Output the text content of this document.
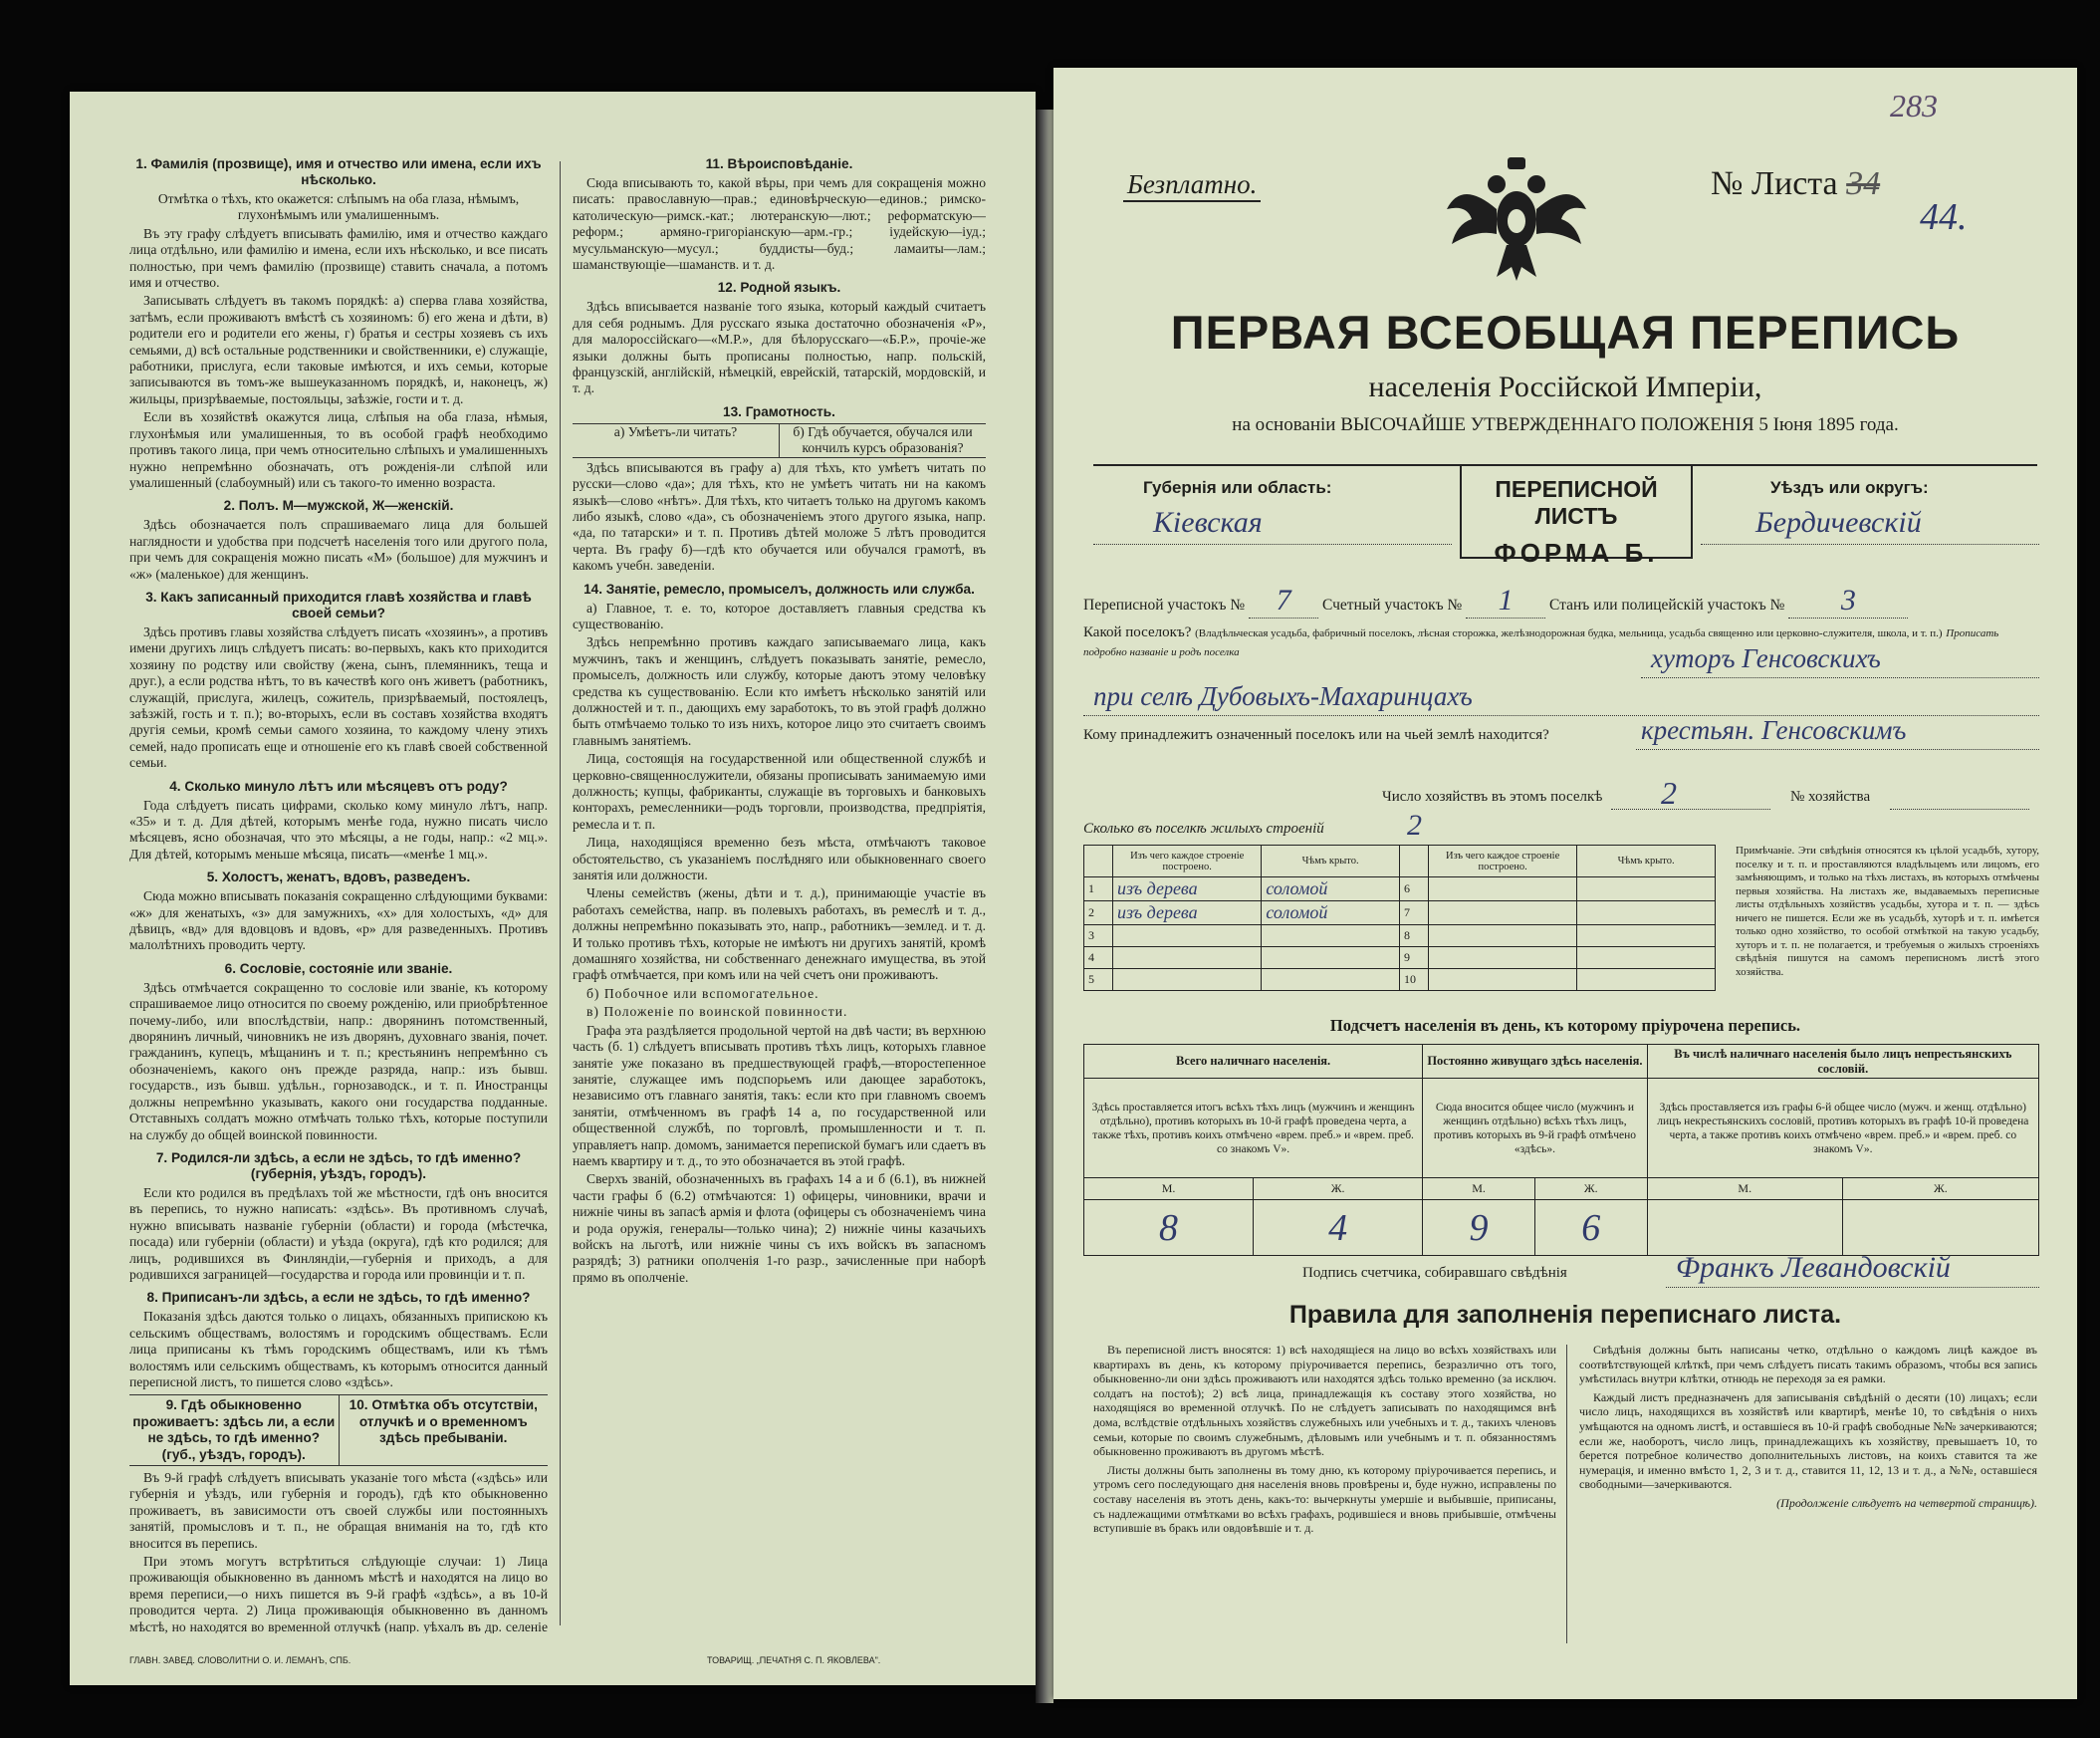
1. Фамилія (прозвище), имя и отчество или имена, если ихъ нѣсколько.

Отмѣтка о тѣхъ, кто окажется: слѣпымъ на оба глаза, нѣмымъ, глухонѣмымъ или умалишеннымъ.

Въ эту графу слѣдуетъ вписывать фамилію, имя и отчество каждаго лица отдѣльно, или фамилію и имена, если ихъ нѣсколько, и все писать полностью, при чемъ фамилію (прозвище) ставить сначала, а потомъ имя и отчество.

Записывать слѣдуетъ въ такомъ порядкѣ: а) сперва глава хозяйства, затѣмъ, если проживаютъ вмѣстѣ съ хозяиномъ: б) его жена и дѣти, в) родители его и родители его жены, г) братья и сестры хозяевъ съ ихъ семьями, д) всѣ остальные родственники и свойственники, е) служащіе, работники, прислуга, если таковые имѣются, и ихъ семьи, которые записываются въ томъ-же вышеуказанномъ порядкѣ, и, наконецъ, ж) жильцы, призрѣваемые, постояльцы, заѣзжіе, гости и т. д.

Если въ хозяйствѣ окажутся лица, слѣпыя на оба глаза, нѣмыя, глухонѣмыя или умалишенныя, то въ особой графѣ необходимо противъ такого лица, при чемъ относительно слѣпыхъ и умалишенныхъ нужно непремѣнно обозначать, отъ рожденія-ли слѣпой или умалишенный (слабоумный) или съ такого-то именно возраста.

2. Полъ. М—мужской, Ж—женскій.

Здѣсь обозначается полъ спрашиваемаго лица для большей наглядности и удобства при подсчетѣ населенія того или другого пола, при чемъ для сокращенія можно писать «М» (большое) для мужчинъ и «ж» (маленькое) для женщинъ.

3. Какъ записанный приходится главѣ хозяйства и главѣ своей семьи?

Здѣсь противъ главы хозяйства слѣдуетъ писать «хозяинъ», а противъ имени другихъ лицъ слѣдуетъ писать: во-первыхъ, какъ кто приходится хозяину по родству или свойству (жена, сынъ, племянникъ, теща и друг.), а если родства нѣтъ, то въ качествѣ кого онъ живетъ (работникъ, служащій, прислуга, жилецъ, сожитель, призрѣваемый, постоялецъ, заѣзжій, гость и т. п.); во-вторыхъ, если въ составъ хозяйства входятъ другія семьи, кромѣ семьи самого хозяина, то каждому члену этихъ семей, надо прописать еще и отношеніе его къ главѣ своей собственной семьи.

4. Сколько минуло лѣтъ или мѣсяцевъ отъ роду?

Года слѣдуетъ писать цифрами, сколько кому минуло лѣтъ, напр. «35» и т. д. Для дѣтей, которымъ менѣе года, нужно писать число мѣсяцевъ, ясно обозначая, что это мѣсяцы, а не годы, напр.: «2 мц.». Для дѣтей, которымъ меньше мѣсяца, писать—«менѣе 1 мц.».

5. Холостъ, женатъ, вдовъ, разведенъ.

Сюда можно вписывать показанія сокращенно слѣдующими буквами: «ж» для женатыхъ, «з» для замужнихъ, «х» для холостыхъ, «д» для дѣвицъ, «вд» для вдовцовъ и вдовъ, «р» для разведенныхъ. Противъ малолѣтнихъ проводить черту.

6. Сословіе, состояніе или званіе.

Здѣсь отмѣчается сокращенно то сословіе или званіе, къ которому спрашиваемое лицо относится по своему рожденію, или приобрѣтенное почему-либо, или впослѣдствіи, напр.: дворянинъ потомственный, дворянинъ личный, чиновникъ не изъ дворянъ, духовнаго званія, почет. гражданинъ, купецъ, мѣщанинъ и т. п.; крестьянинъ непремѣнно съ обозначеніемъ, какого онъ прежде разряда, напр.: изъ бывш. государств., изъ бывш. удѣльн., горнозаводск., и т. п. Иностранцы должны непремѣнно указывать, какого они государства подданные. Отставныхъ солдатъ можно отмѣчать только тѣхъ, которые поступили на службу до общей воинской повинности.

7. Родился-ли здѣсь, а если не здѣсь, то гдѣ именно? (губернія, уѣздъ, городъ).

Если кто родился въ предѣлахъ той же мѣстности, гдѣ онъ вносится въ перепись, то нужно написать: «здѣсь». Въ противномъ случаѣ, нужно вписывать названіе губерніи (области) и города (мѣстечка, посада) или губерніи (области) и уѣзда (округа), гдѣ кто родился; для лицъ, родившихся въ Финляндіи,—губернія и приходъ, а для родившихся заграницей—государства и города или провинціи и т. п.

8. Приписанъ-ли здѣсь, а если не здѣсь, то гдѣ именно?

Показанія здѣсь даются только о лицахъ, обязанныхъ припискою къ сельскимъ обществамъ, волостямъ и городскимъ обществамъ. Если лица приписаны къ тѣмъ городскимъ обществамъ, или къ тѣмъ волостямъ или сельскимъ обществамъ, къ которымъ относится данный переписной листъ, то пишется слово «здѣсь».

9. Гдѣ обыкновенно проживаетъ: здѣсь ли, а если не здѣсь, то гдѣ именно? (губ., уѣздъ, городъ).
10. Отмѣтка объ отсутствіи, отлучкѣ и о временномъ здѣсь пребываніи.

Въ 9-й графѣ слѣдуетъ вписывать указаніе того мѣста («здѣсь» или губернія и уѣздъ, или губернія и городъ), гдѣ кто обыкновенно проживаетъ, въ зависимости отъ своей службы или постоянныхъ занятій, промысловъ и т. п., не обращая вниманія на то, гдѣ кто вносится въ перепись.

При этомъ могутъ встрѣтиться слѣдующіе случаи: 1) Лица проживающія обыкновенно въ данномъ мѣстѣ и находятся на лицо во время переписи,—о нихъ пишется въ 9-й графѣ «здѣсь», а въ 10-й проводится черта. 2) Лица проживающія обыкновенно въ данномъ мѣстѣ, но находятся во временной отлучкѣ (напр. уѣхалъ въ др. селеніе

11. Вѣроисповѣданіе.

Сюда вписывають то, какой вѣры, при чемъ для сокращенія можно писать: православную—прав.; единовѣрческую—единов.; римско-католическую—римск.-кат.; лютеранскую—лют.; реформатскую—реформ.; армяно-григоріанскую—арм.-гр.; іудейскую—іуд.; мусульманскую—мусул.; буддисты—буд.; ламаиты—лам.; шаманствующіе—шаманств. и т. д.

12. Родной языкъ.

Здѣсь вписывается названіе того языка, который каждый считаетъ для себя роднымъ. Для русскаго языка достаточно обозначенія «Р», для малороссійскаго—«М.Р.», для бѣлорусскаго—«Б.Р.», прочіе-же языки должны быть прописаны полностью, напр. польскій, французскій, англійскій, нѣмецкій, еврейскій, татарскій, мордовскій, и т. д.

13. Грамотность.
а) Умѣетъ-ли читать?	б) Гдѣ обучается, обучался или кончилъ курсъ образованія?

Здѣсь вписываются въ графу а) для тѣхъ, кто умѣетъ читать по русски—слово «да»; для тѣхъ, кто не умѣетъ читать ни на какомъ языкѣ—слово «нѣтъ». Для тѣхъ, кто читаетъ только на другомъ какомъ либо языкѣ, слово «да», съ обозначеніемъ этого другого языка, напр. «да, по татарски» и т. п. Противъ дѣтей моложе 5 лѣтъ проводится черта. Въ графу б)—гдѣ кто обучается или обучался грамотѣ, въ какомъ учебн. заведеніи.

14. Занятіе, ремесло, промыселъ, должность или служба.

а) Главное, т. е. то, которое доставляетъ главныя средства къ существованію.

Здѣсь непремѣнно противъ каждаго записываемаго лица, какъ мужчинъ, такъ и женщинъ, слѣдуетъ показывать занятіе, ремесло, промыселъ, должность или службу, которые даютъ этому человѣку средства къ существованію. Если кто имѣетъ нѣсколько занятій или должностей и т. п., дающихъ ему заработокъ, то въ этой графѣ должно быть отмѣчаемо только то изъ нихъ, которое лицо это считаетъ своимъ главнымъ занятіемъ.

Лица, состоящія на государственной или общественной службѣ и церковно-священнослужители, обязаны прописывать занимаемую ими должность; купцы, фабриканты, служащіе въ торговыхъ и банковыхъ конторахъ, ремесленники—родъ торговли, производства, предпріятія, ремесла и т. п.

Лица, находящіяся временно безъ мѣста, отмѣчаютъ таковое обстоятельство, съ указаніемъ послѣдняго или обыкновеннаго своего занятія или должности.

Члены семействъ (жены, дѣти и т. д.), принимающіе участіе въ работахъ семейства, напр. въ полевыхъ работахъ, въ ремеслѣ и т. д., должны непремѣнно показывать это, напр., работникъ—землед. и т. д. И только противъ тѣхъ, которые не имѣютъ ни другихъ занятій, кромѣ домашняго хозяйства, ни собственнаго денежнаго имущества, въ этой графѣ отмѣчается, при комъ или на чей счетъ они проживаютъ.

б) Побочное или вспомогательное.

в) Положеніе по воинской повинности.

Графа эта раздѣляется продольной чертой на двѣ части; въ верхнюю часть (б. 1) слѣдуетъ вписывать противъ тѣхъ лицъ, которыхъ главное занятіе уже показано въ предшествующей графѣ,—второстепенное занятіе, служащее имъ подспорьемъ или дающее заработокъ, независимо отъ главнаго занятія, такъ: если кто при главномъ своемъ занятіи, отмѣченномъ въ графѣ 14 а, по государственной или общественной службѣ, по торговлѣ, промышленности и т. п. управляетъ напр. домомъ, занимается перепиской бумагъ или сдаетъ въ наемъ квартиру и т. д., то это обозначается въ этой графѣ.

Сверхъ званій, обозначенныхъ въ графахъ 14 а и б (6.1), въ нижней части графы б (6.2) отмѣчаются: 1) офицеры, чиновники, врачи и нижніе чины въ запасѣ армія и флота (офицеры съ обозначеніемъ чина и рода оружія, генералы—только чина); 2) нижніе чины казачьихъ войскъ на льготѣ, или нижніе чины съ ихъ войскъ въ запасномъ разрядѣ; 3) ратники ополченія 1-го разр., зачисленные при наборѣ прямо въ ополченіе.

ГЛАВН. ЗАВЕД. СЛОВОЛИТНИ О. И. ЛЕМАНЪ, СПБ.	ТОВАРИЩ. „ПЕЧАТНЯ С. П. ЯКОВЛЕВА".
283
Безплатно.	№ Листа 34
44.
ПЕРВАЯ ВСЕОБЩАЯ ПЕРЕПИСЬ
населенія Россійской Имперіи,
на основаніи ВЫСОЧАЙШЕ УТВЕРЖДЕННАГО ПОЛОЖЕНІЯ 5 Іюня 1895 года.
ПЕРЕПИСНОЙ ЛИСТЪ
ФОРМА Б.
Губернія или область:
Кіевская
Уѣздъ или округъ:
Бердичевскій
Переписной участокъ № 7 Счетный участокъ № 1 Станъ или полицейскій участокъ № 3
Какой поселокъ? (Владѣльческая усадьба, фабричный поселокъ, лѣсная сторожка, желѣзнодорожная будка, мельница, усадьба священно или церковно-служителя, школа, и т. п.) Прописать подробно названіе и родъ поселка	хуторъ Генсовскихъ
при селѣ Дубовыхъ-Махаринцахъ
Кому принадлежитъ означенный поселокъ или на чьей землѣ находится?	крестьян. Генсовскимъ
Число хозяйствъ въ этомъ поселкѣ 2	№ хозяйства
Сколько въ поселкѣ жилыхъ строеній	2
	Изъ чего каждое строеніе построено.	Чѣмъ крыто.		Изъ чего каждое строеніе построено.	Чѣмъ крыто.
1	изъ дерева	соломой	6		
2	изъ дерева	соломой	7		
3			8		
4			9		
5			10		
Примѣчаніе. Эти свѣдѣнія относятся къ цѣлой усадьбѣ, хутору, поселку и т. п. и проставляются владѣльцемъ или лицомъ, его замѣняющимъ, и только на тѣхъ листахъ, въ которыхъ отмѣчены первыя хозяйства. На листахъ же, выдаваемыхъ переписные листы отдѣльныхъ хозяйствъ усадьбы, хутора и т. п. — здѣсь ничего не пишется. Если же въ усадьбѣ, хуторѣ и т. п. имѣется только одно хозяйство, то особой отмѣткой на такую усадьбу, хуторъ и т. п. не полагается, и требуемыя о жилыхъ строеніяхъ свѣдѣнія пишутся на самомъ переписномъ листѣ этого хозяйства.
Подсчетъ населенія въ день, къ которому пріурочена перепись.
Всего наличнаго населенія.		Постоянно живущаго здѣсь населенія.		Въ числѣ наличнаго населенія было лицъ непрестьянскихъ сословій.	
Здѣсь проставляется итогъ всѣхъ тѣхъ лицъ (мужчинъ и женщинъ отдѣльно), противъ которыхъ въ 10-й графѣ проведена черта, а также тѣхъ, противъ коихъ отмѣчено «врем. преб.» и «врем. преб. со знакомъ V».		Сюда вносится общее число (мужчинъ и женщинъ отдѣльно) всѣхъ тѣхъ лицъ, противъ которыхъ въ 9-й графѣ отмѣчено «здѣсь».		Здѣсь проставляется изъ графы 6-й общее число (мужч. и женщ. отдѣльно) лицъ некрестьянскихъ сословій, противъ которыхъ въ графѣ 10-й проведена черта, а также противъ коихъ отмѣчено «врем. преб.» и «врем. преб. со знакомъ V».	
М.	Ж.	М.	Ж.	М.	Ж.
8	4	9	6		
Подпись счетчика, собиравшаго свѣдѣнія	Франкъ Левандовскій
Правила для заполненія переписнаго листа.

Въ переписной листъ вносятся: 1) всѣ находящіеся на лицо во всѣхъ хозяйствахъ или квартирахъ въ день, къ которому пріурочивается перепись, безразлично отъ того, обыкновенно-ли они здѣсь проживаютъ или находятся здѣсь только временно (за исключ. солдатъ на постоѣ); 2) всѣ лица, принадлежащія къ составу этого хозяйства, но находящіяся во временной отлучкѣ. По не слѣдуетъ записывать по находящимся внѣ дома, вслѣдствіе отдѣльныхъ хозяйствъ служебныхъ или учебныхъ и т. д., такихъ членовъ семьи, которые по своимъ служебнымъ, дѣловымъ или учебнымъ и т. п. обязанностямъ обыкновенно проживаютъ въ другомъ мѣстѣ.

Листы должны быть заполнены въ тому дню, къ которому пріурочивается перепись, и утромъ сего последующаго дня населенія вновь провѣрены и, буде нужно, исправлены по составу населенія въ этотъ день, какъ-то: вычеркнуты умершіе и выбывшіе, приписаны, съ надлежащими отмѣтками во всѣхъ графахъ, родившіеся и вновь прибывшіе, отмѣчены вступившіе въ бракъ или овдовѣвшіе и т. д.

Свѣдѣнія должны быть написаны четко, отдѣльно о каждомъ лицѣ каждое въ соотвѣтствующей клѣткѣ, при чемъ слѣдуетъ писать такимъ образомъ, чтобы вся запись умѣстилась внутри клѣтки, отнюдь не переходя за ея рамки.

Каждый листъ предназначенъ для записыванія свѣдѣній о десяти (10) лицахъ; если число лицъ, находящихся въ хозяйствѣ или квартирѣ, менѣе 10, то свѣдѣнія о нихъ умѣщаются на одномъ листѣ, и оставшіеся въ 10-й графѣ свободные №№ зачеркиваются; если же, наоборотъ, число лицъ, принадлежащихъ къ хозяйству, превышаетъ 10, то берется потребное количество дополнительныхъ листовъ, на коихъ ставится та же нумерація, и именно вмѣсто 1, 2, 3 и т. д., ставится 11, 12, 13 и т. д., а №№, оставшіеся свободными—зачеркиваются.

(Продолженіе слѣдуетъ на четвертой страницѣ).
